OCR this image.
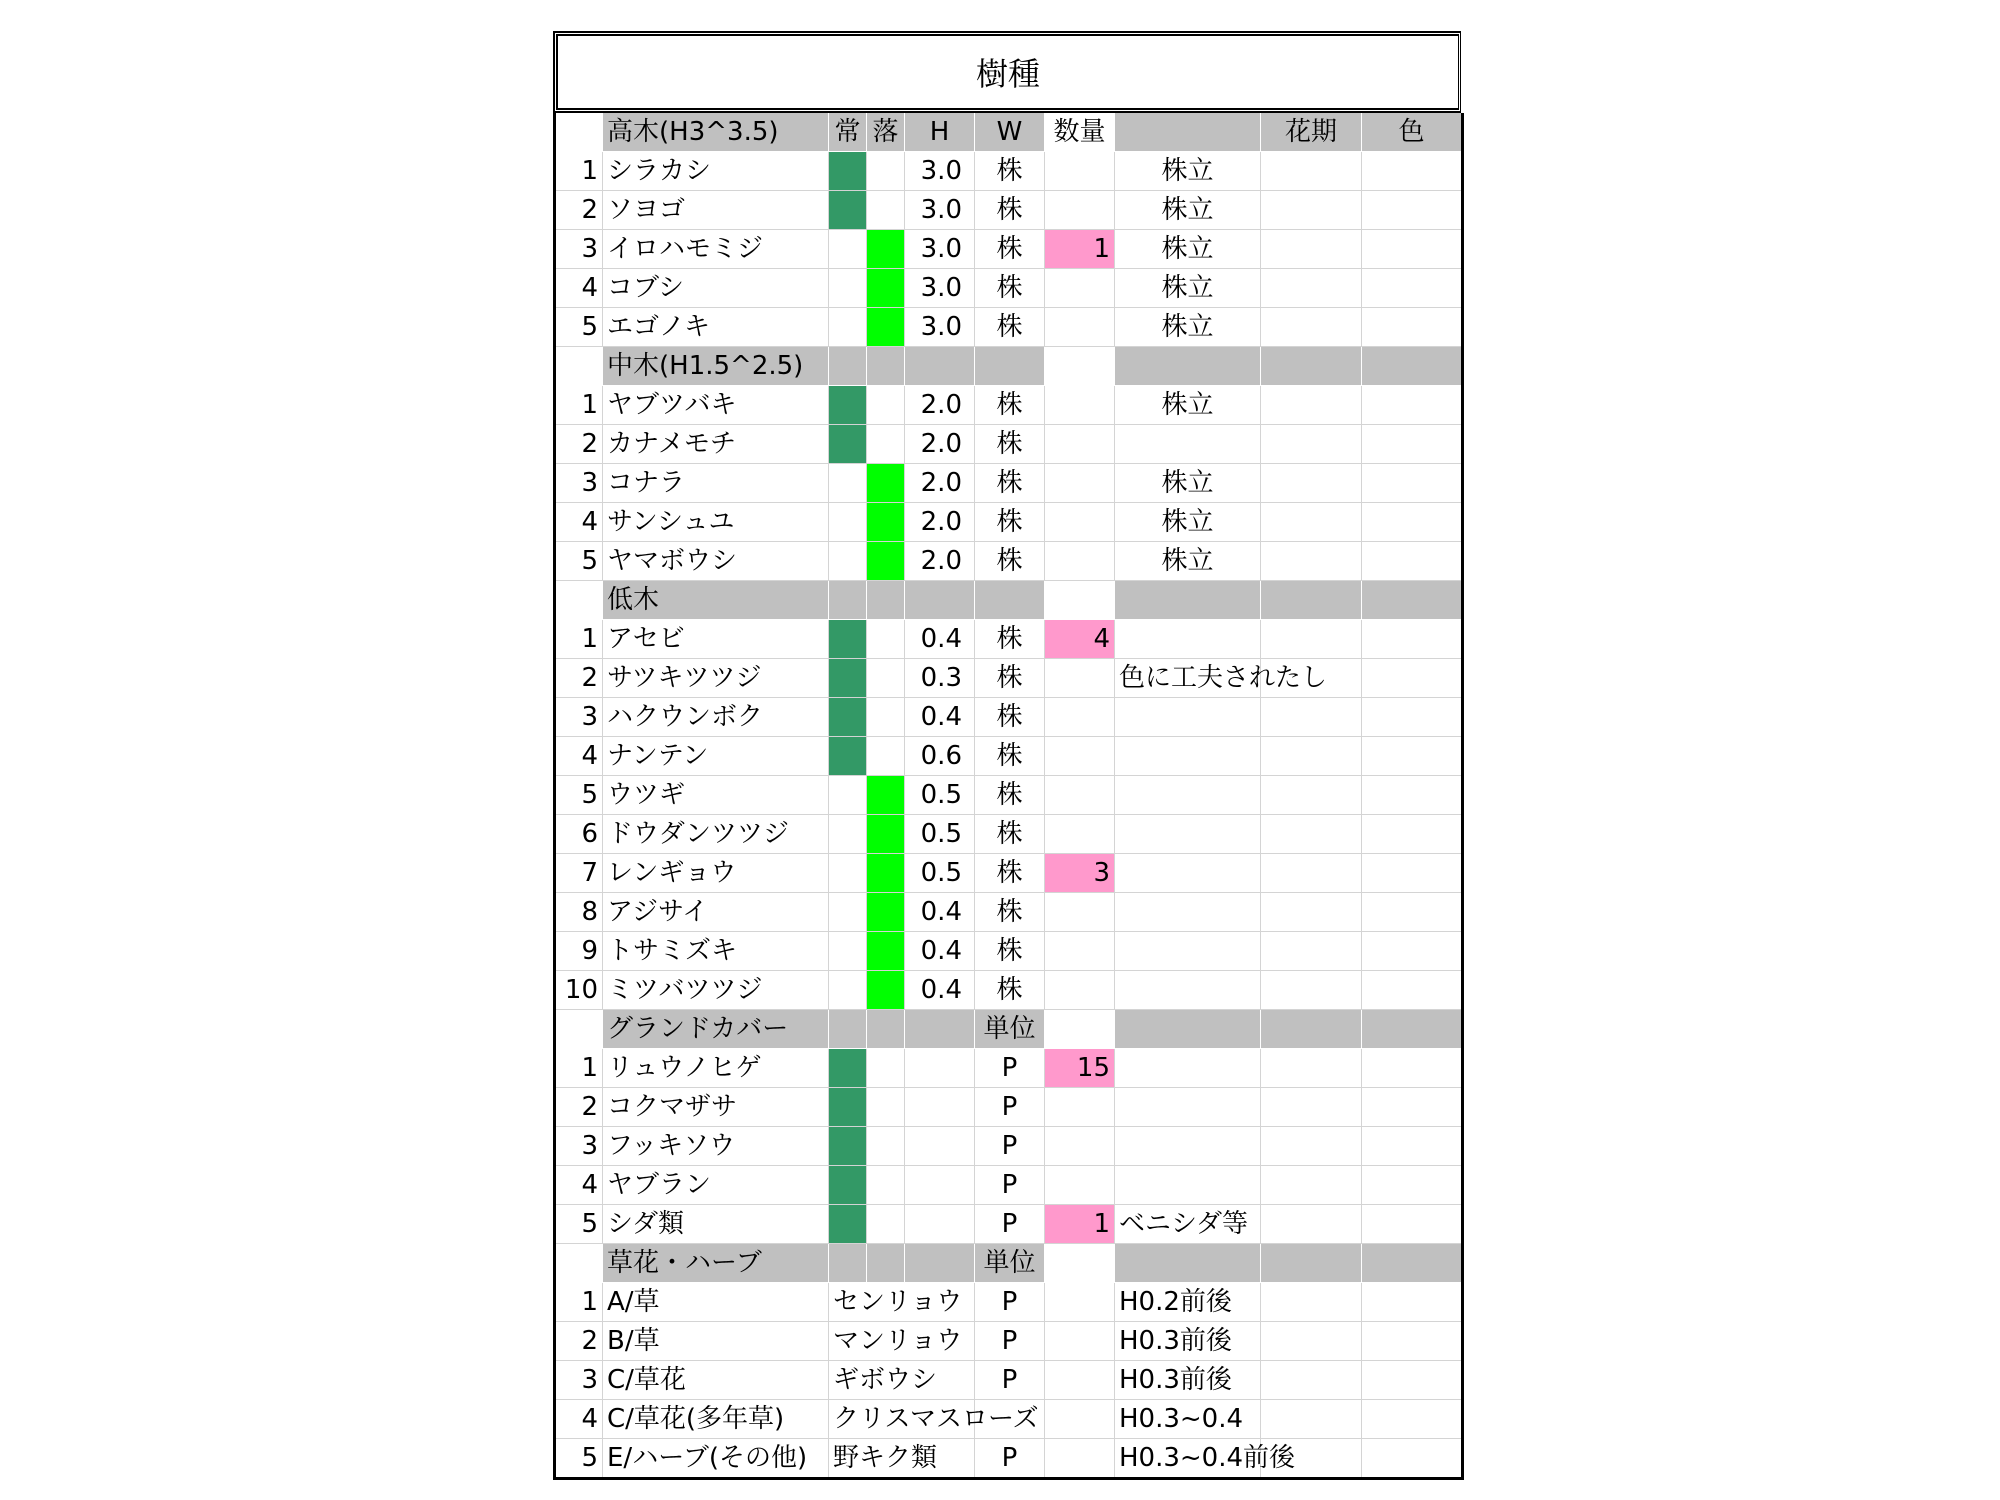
樹種
	高木(H3^3.5)	常	落	H	W	数量		花期	色
1	シラカシ			3.0	株		株立		
2	ソヨゴ			3.0	株		株立		
3	イロハモミジ			3.0	株	1	株立		
4	コブシ			3.0	株		株立		
5	エゴノキ			3.0	株		株立		
	中木(H1.5^2.5)								
1	ヤブツバキ			2.0	株		株立		
2	カナメモチ			2.0	株				
3	コナラ			2.0	株		株立		
4	サンシュユ			2.0	株		株立		
5	ヤマボウシ			2.0	株		株立		
	低木								
1	アセビ			0.4	株	4			
2	サツキツツジ			0.3	株		色に工夫されたし		
3	ハクウンボク			0.4	株				
4	ナンテン			0.6	株				
5	ウツギ			0.5	株				
6	ドウダンツツジ			0.5	株				
7	レンギョウ			0.5	株	3			
8	アジサイ			0.4	株				
9	トサミズキ			0.4	株				
10	ミツバツツジ			0.4	株				
	グランドカバー				単位				
1	リュウノヒゲ				P	15			
2	コクマザサ				P				
3	フッキソウ				P				
4	ヤブラン				P				
5	シダ類				P	1	ベニシダ等		
	草花・ハーブ				単位				
1	A/草	センリョウ			P		H0.2前後		
2	B/草	マンリョウ			P		H0.3前後		
3	C/草花	ギボウシ			P		H0.3前後		
4	C/草花(多年草)	クリスマスローズ					H0.3~0.4		
5	E/ハーブ(その他)	野キク類			P		H0.3~0.4前後		
